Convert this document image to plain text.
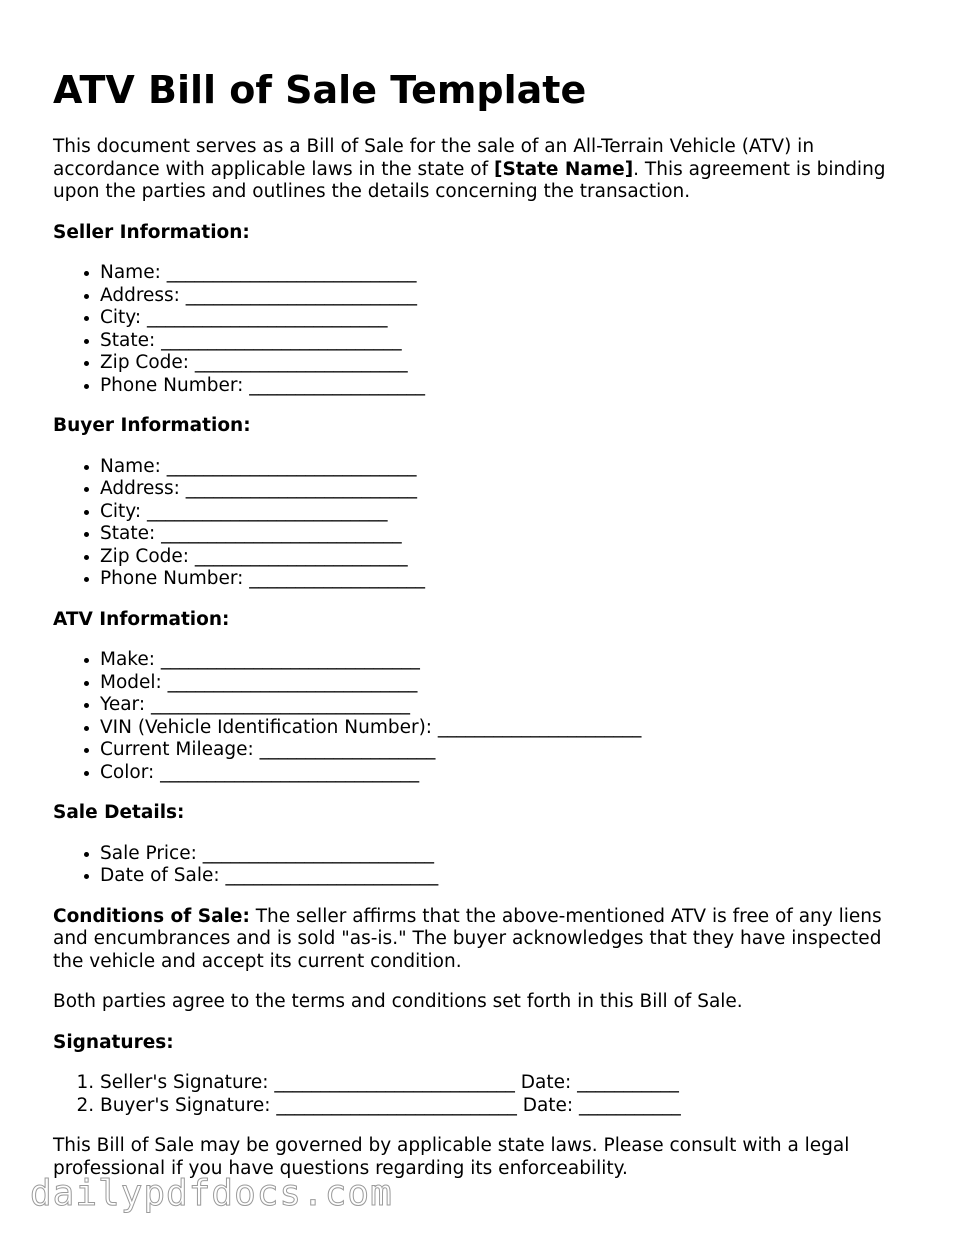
ATV Bill of Sale Template

This document serves as a Bill of Sale for the sale of an All-Terrain Vehicle (ATV) in accordance with applicable laws in the state of [State Name]. This agreement is binding upon the parties and outlines the details concerning the transaction.

Seller Information:

• Name: ___________________________
• Address: _________________________
• City: __________________________
• State: __________________________
• Zip Code: _______________________
• Phone Number: ___________________

Buyer Information:

• Name: ___________________________
• Address: _________________________
• City: __________________________
• State: __________________________
• Zip Code: _______________________
• Phone Number: ___________________

ATV Information:

• Make: ____________________________
• Model: ___________________________
• Year: ____________________________
• VIN (Vehicle Identification Number): ______________________
• Current Mileage: ___________________
• Color: ____________________________

Sale Details:

• Sale Price: _________________________
• Date of Sale: _______________________

Conditions of Sale: The seller affirms that the above-mentioned ATV is free of any liens and encumbrances and is sold "as-is." The buyer acknowledges that they have inspected the vehicle and accept its current condition.

Both parties agree to the terms and conditions set forth in this Bill of Sale.

Signatures:

1. Seller's Signature: __________________________ Date: ___________
2. Buyer's Signature: __________________________ Date: ___________

This Bill of Sale may be governed by applicable state laws. Please consult with a legal professional if you have questions regarding its enforceability.

dailypdfdocs.com
